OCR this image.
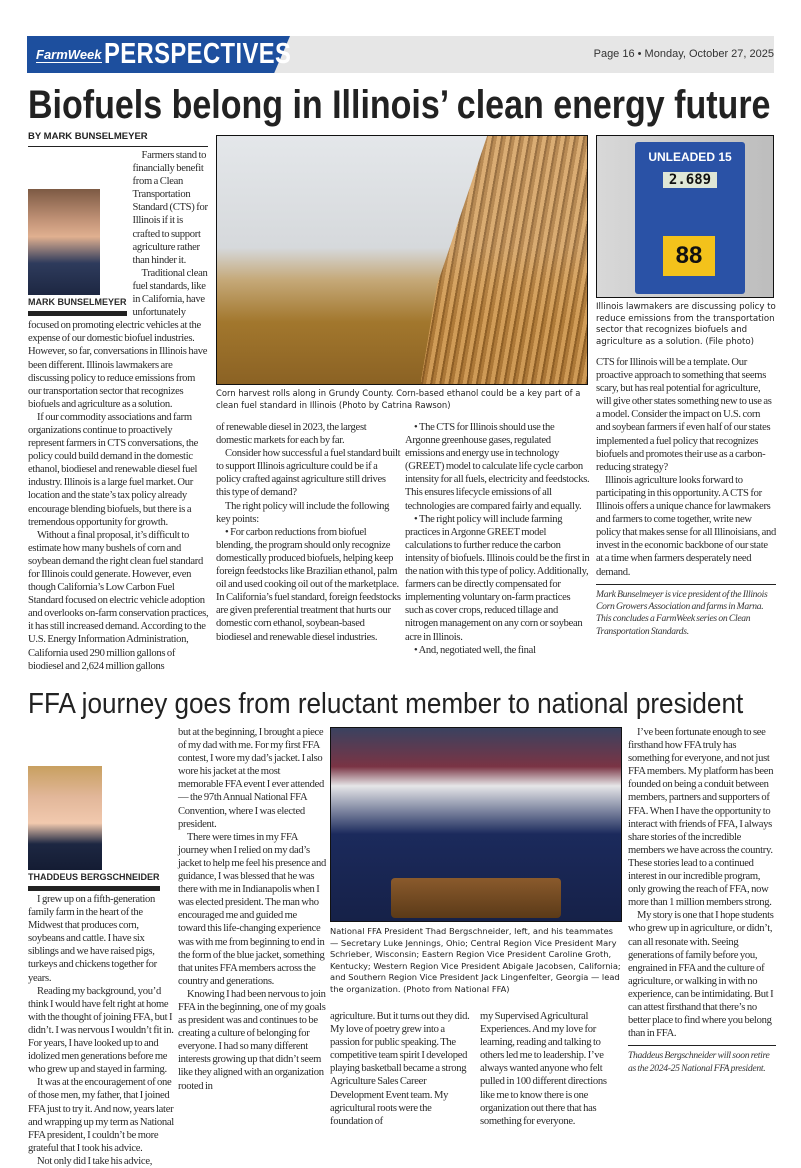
FarmWeek PERSPECTIVES	Page 16 • Monday, October 27, 2025
Biofuels belong in Illinois’ clean energy future
BY MARK BUNSELMEYER
MARK BUNSELMEYER

Farmers stand to financially benefit from a Clean Transportation Standard (CTS) for Illinois if it is crafted to support agriculture rather than hinder it.

Traditional clean fuel standards, like in California, have unfortunately focused on promoting electric vehicles at the expense of our domestic biofuel industries. However, so far, conversations in Illinois have been different. Illinois lawmakers are discussing policy to reduce emissions from our transportation sector that recognizes biofuels and agriculture as a solution.

If our commodity associations and farm organizations continue to proactively represent farmers in CTS conversations, the policy could build demand in the domestic ethanol, biodiesel and renewable diesel fuel industry. Illinois is a large fuel market. Our location and the state’s tax policy already encourage blending biofuels, but there is a tremendous opportunity for growth.

Without a final proposal, it’s difficult to estimate how many bushels of corn and soybean demand the right clean fuel standard for Illinois could generate. However, even though California’s Low Carbon Fuel Standard focused on electric vehicle adoption and overlooks on-farm conservation practices, it has still increased demand. According to the U.S. Energy Information Administration, California used 290 million gallons of biodiesel and 2,624 million gallons

Corn harvest rolls along in Grundy County. Corn-based ethanol could be a key part of a clean fuel standard in Illinois (Photo by Catrina Rawson)

of renewable diesel in 2023, the largest domestic markets for each by far.

Consider how successful a fuel standard built to support Illinois agriculture could be if a policy crafted against agriculture still drives this type of demand?

The right policy will include the following key points:

• For carbon reductions from biofuel blending, the program should only recognize domestically produced biofuels, helping keep foreign feedstocks like Brazilian ethanol, palm oil and used cooking oil out of the marketplace. In California’s fuel standard, foreign feedstocks are given preferential treatment that hurts our domestic corn ethanol, soybean-based biodiesel and renewable diesel industries.

• The CTS for Illinois should use the Argonne greenhouse gases, regulated emissions and energy use in technology (GREET) model to calculate life cycle carbon intensity for all fuels, electricity and feedstocks. This ensures lifecycle emissions of all technologies are compared fairly and equally.

• The right policy will include farming practices in Argonne GREET model calculations to further reduce the carbon intensity of biofuels. Illinois could be the first in the nation with this type of policy. Additionally, farmers can be directly compensated for implementing voluntary on-farm practices such as cover crops, reduced tillage and nitrogen management on any corn or soybean acre in Illinois.

• And, negotiated well, the final

UNLEADED 15
2.689
88
Illinois lawmakers are discussing policy to reduce emissions from the transportation sector that recognizes biofuels and agriculture as a solution. (File photo)

CTS for Illinois will be a template. Our proactive approach to something that seems scary, but has real potential for agriculture, will give other states something new to use as a model. Consider the impact on U.S. corn and soybean farmers if even half of our states implemented a fuel policy that recognizes biofuels and promotes their use as a carbon-reducing strategy?

Illinois agriculture looks forward to participating in this opportunity. A CTS for Illinois offers a unique chance for lawmakers and farmers to come together, write new policy that makes sense for all Illinoisians, and invest in the economic backbone of our state at a time when farmers desperately need demand.

Mark Bunselmeyer is vice president of the Illinois Corn Growers Association and farms in Marna. This concludes a FarmWeek series on Clean Transportation Standards.
FFA journey goes from reluctant member to national president
THADDEUS BERGSCHNEIDER

I grew up on a fifth-generation family farm in the heart of the Midwest that produces corn, soybeans and cattle. I have six siblings and we have raised pigs, turkeys and chickens together for years.

Reading my background, you’d think I would have felt right at home with the thought of joining FFA, but I didn’t. I was nervous I wouldn’t fit in. For years, I have looked up to and idolized men generations before me who grew up and stayed in farming.

It was at the encouragement of one of those men, my father, that I joined FFA just to try it. And now, years later and wrapping up my term as National FFA president, I couldn’t be more grateful that I took his advice.

Not only did I take his advice,

but at the beginning, I brought a piece of my dad with me. For my first FFA contest, I wore my dad’s jacket. I also wore his jacket at the most memorable FFA event I ever attended — the 97th Annual National FFA Convention, where I was elected president.

There were times in my FFA journey when I relied on my dad’s jacket to help me feel his presence and guidance, I was blessed that he was there with me in Indianapolis when I was elected president. The man who encouraged me and guided me toward this life-changing experience was with me from beginning to end in the form of the blue jacket, something that unites FFA members across the country and generations.

Knowing I had been nervous to join FFA in the beginning, one of my goals as president was and continues to be creating a culture of belonging for everyone. I had so many different interests growing up that didn’t seem like they aligned with an organization rooted in

National FFA President Thad Bergschneider, left, and his teammates — Secretary Luke Jennings, Ohio; Central Region Vice President Mary Schrieber, Wisconsin; Eastern Region Vice President Caroline Groth, Kentucky; Western Region Vice President Abigale Jacobsen, California; and Southern Region Vice President Jack Lingenfelter, Georgia — lead the organization. (Photo from National FFA)

agriculture. But it turns out they did. My love of poetry grew into a passion for public speaking. The competitive team spirit I developed playing basketball became a strong Agriculture Sales Career Development Event team. My agricultural roots were the foundation of

my Supervised Agricultural Experiences. And my love for learning, reading and talking to others led me to leadership. I’ve always wanted anyone who felt pulled in 100 different directions like me to know there is one organization out there that has something for everyone.

I’ve been fortunate enough to see firsthand how FFA truly has something for everyone, and not just FFA members. My platform has been founded on being a conduit between members, partners and supporters of FFA. When I have the opportunity to interact with friends of FFA, I always share stories of the incredible members we have across the country. These stories lead to a continued interest in our incredible program, only growing the reach of FFA, now more than 1 million members strong.

My story is one that I hope students who grew up in agriculture, or didn’t, can all resonate with. Seeing generations of family before you, engrained in FFA and the culture of agriculture, or walking in with no experience, can be intimidating. But I can attest firsthand that there’s no better place to find where you belong than in FFA.

Thaddeus Bergschneider will soon retire as the 2024-25 National FFA president.
